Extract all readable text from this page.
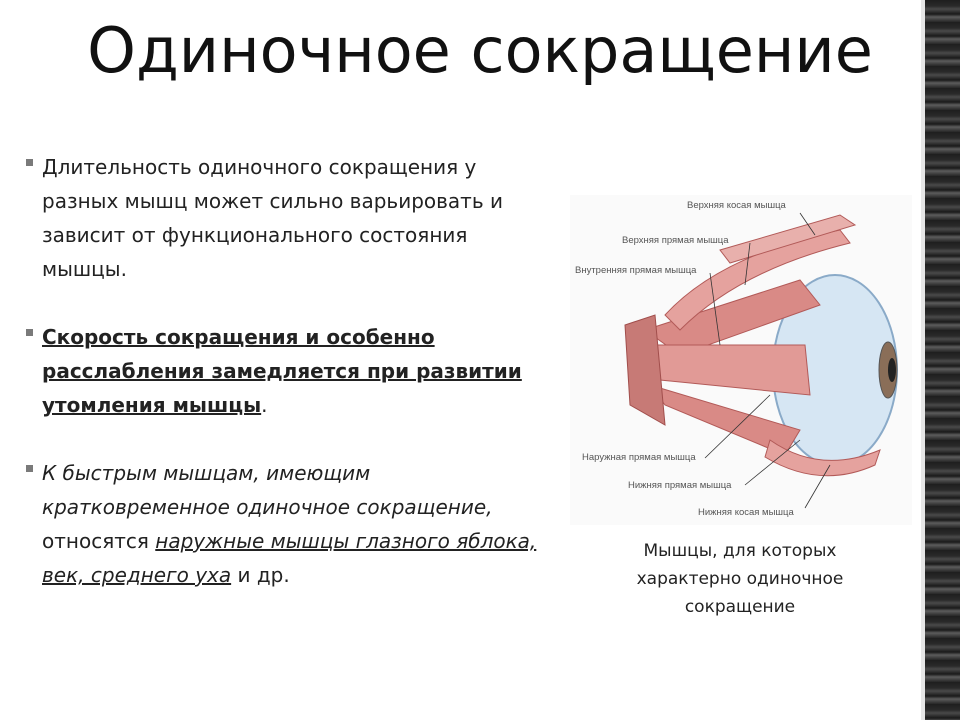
Одиночное сокращение
Длительность одиночного сокращения у разных мышц может сильно варьировать и зависит от функционального состояния мышцы.
Скорость сокращения и особенно расслабления замедляется при развитии утомления мышцы.
К быстрым мышцам, имеющим кратковременное одиночное сокращение, относятся наружные мышцы глазного яблока, век, среднего уха и др.
Верхняя косая мышца
Верхняя прямая мышца
Внутренняя прямая мышца
Наружная прямая мышца
Нижняя прямая мышца
Нижняя косая мышца
Мышцы, для которых характерно одиночное сокращение
